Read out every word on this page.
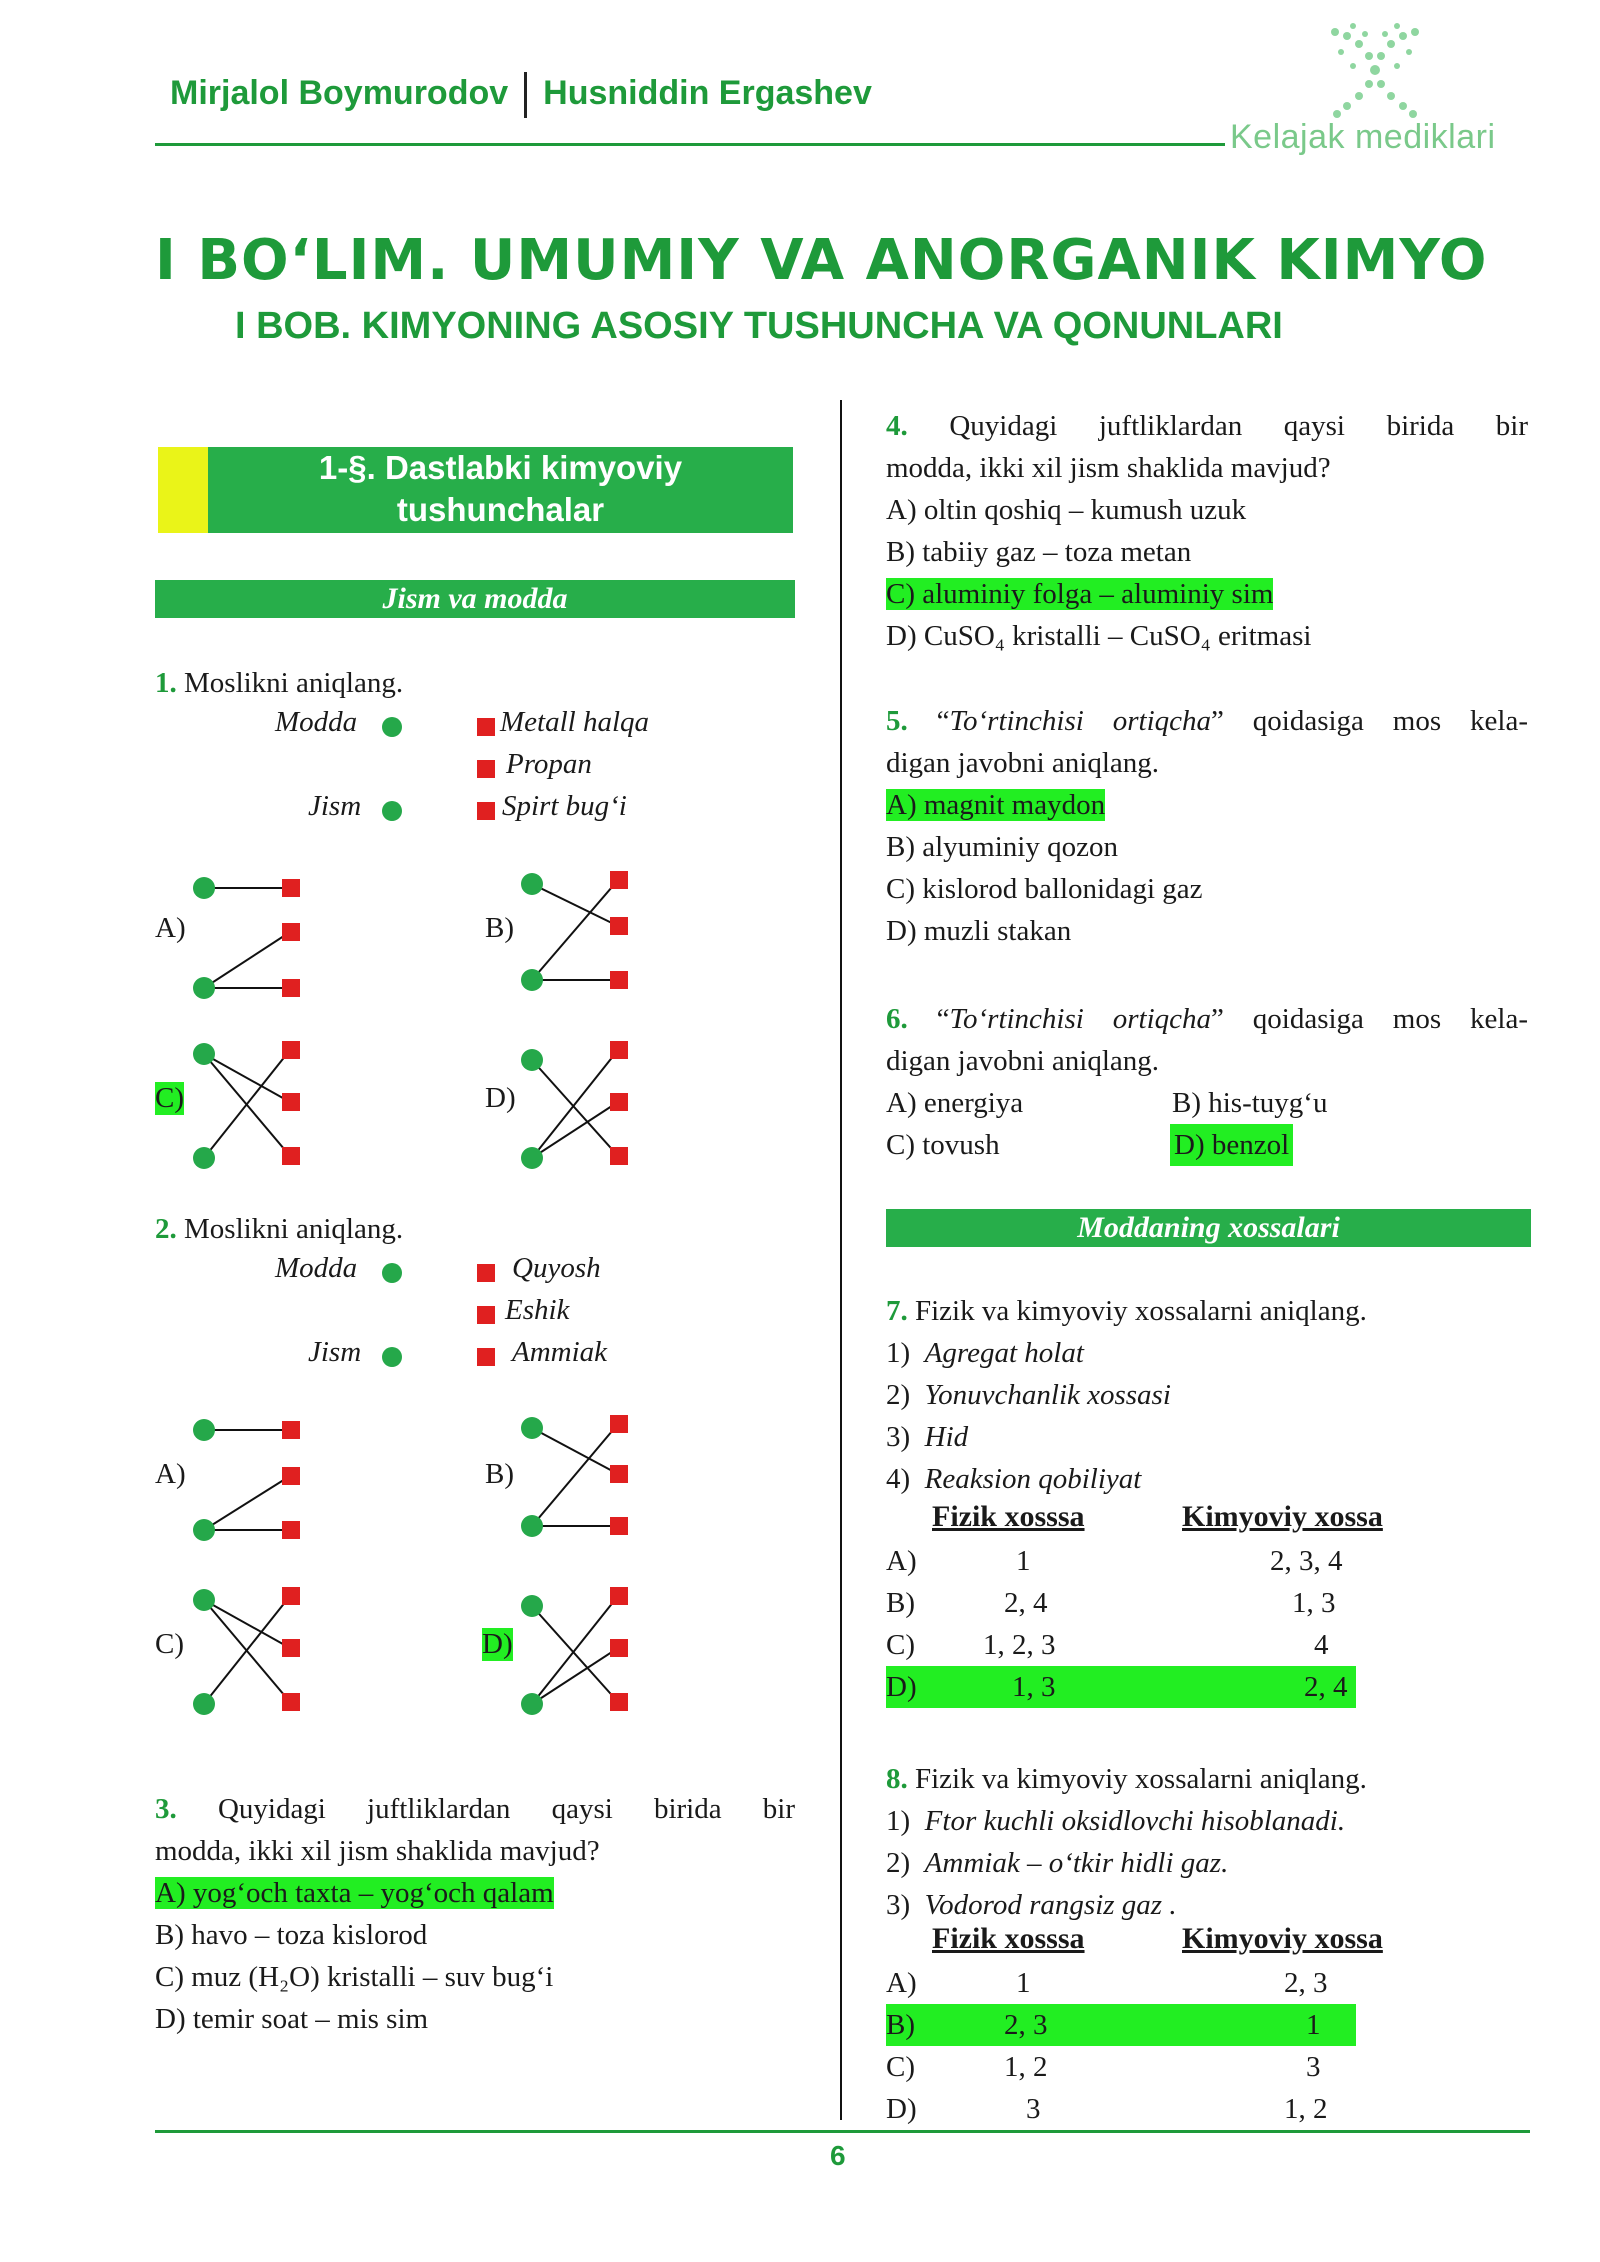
Mirjalol Boymurodov Husniddin Ergashev
Kelajak mediklari
I BO‘LIM. UMUMIY VA ANORGANIK KIMYO
I BOB. KIMYONING ASOSIY TUSHUNCHA VA QONUNLARI
1-§. Dastlabki kimyoviy
tushunchalar
Jism va modda
1. Moslikni aniqlang.
Modda
Jism
Metall halqa
Propan
Spirt bug‘i
A)	B)
C)	D)
2. Moslikni aniqlang.
Modda
Jism
Quyosh
Eshik
Ammiak
A)	B)
C)	D)
3. Quyidagi juftliklardan qaysi birida bir
modda, ikki xil jism shaklida mavjud?
A) yog‘och taxta – yog‘och qalam
B) havo – toza kislorod
C) muz (H₂O) kristalli – suv bug‘i
D) temir soat – mis sim
4. Quyidagi juftliklardan qaysi birida bir
modda, ikki xil jism shaklida mavjud?
A) oltin qoshiq – kumush uzuk
B) tabiiy gaz – toza metan
C) aluminiy folga – aluminiy sim
D) CuSO₄ kristalli – CuSO₄ eritmasi
5. “To‘rtinchisi ortiqcha” qoidasiga mos kela-
digan javobni aniqlang.
A) magnit maydon
B) alyuminiy qozon
C) kislorod ballonidagi gaz
D) muzli stakan
6. “To‘rtinchisi ortiqcha” qoidasiga mos kela-
digan javobni aniqlang.
A) energiya	B) his-tuyg‘u
C) tovush	D) benzol
Moddaning xossalari
7. Fizik va kimyoviy xossalarni aniqlang.
1) Agregat holat
2) Yonuvchanlik xossasi
3) Hid
4) Reaksion qobiliyat
Fizik xosssa	Kimyoviy xossa
A)	1	2, 3, 4
B)	2, 4	1, 3
C) 1, 2, 3	4
D)	1, 3	2, 4
8. Fizik va kimyoviy xossalarni aniqlang.
1) Ftor kuchli oksidlovchi hisoblanadi.
2) Ammiak – o‘tkir hidli gaz.
3) Vodorod rangsiz gaz .
Fizik xosssa	Kimyoviy xossa
A)	1	2, 3
B)	2, 3	1
C)	1, 2	3
D)	3	1, 2
6
